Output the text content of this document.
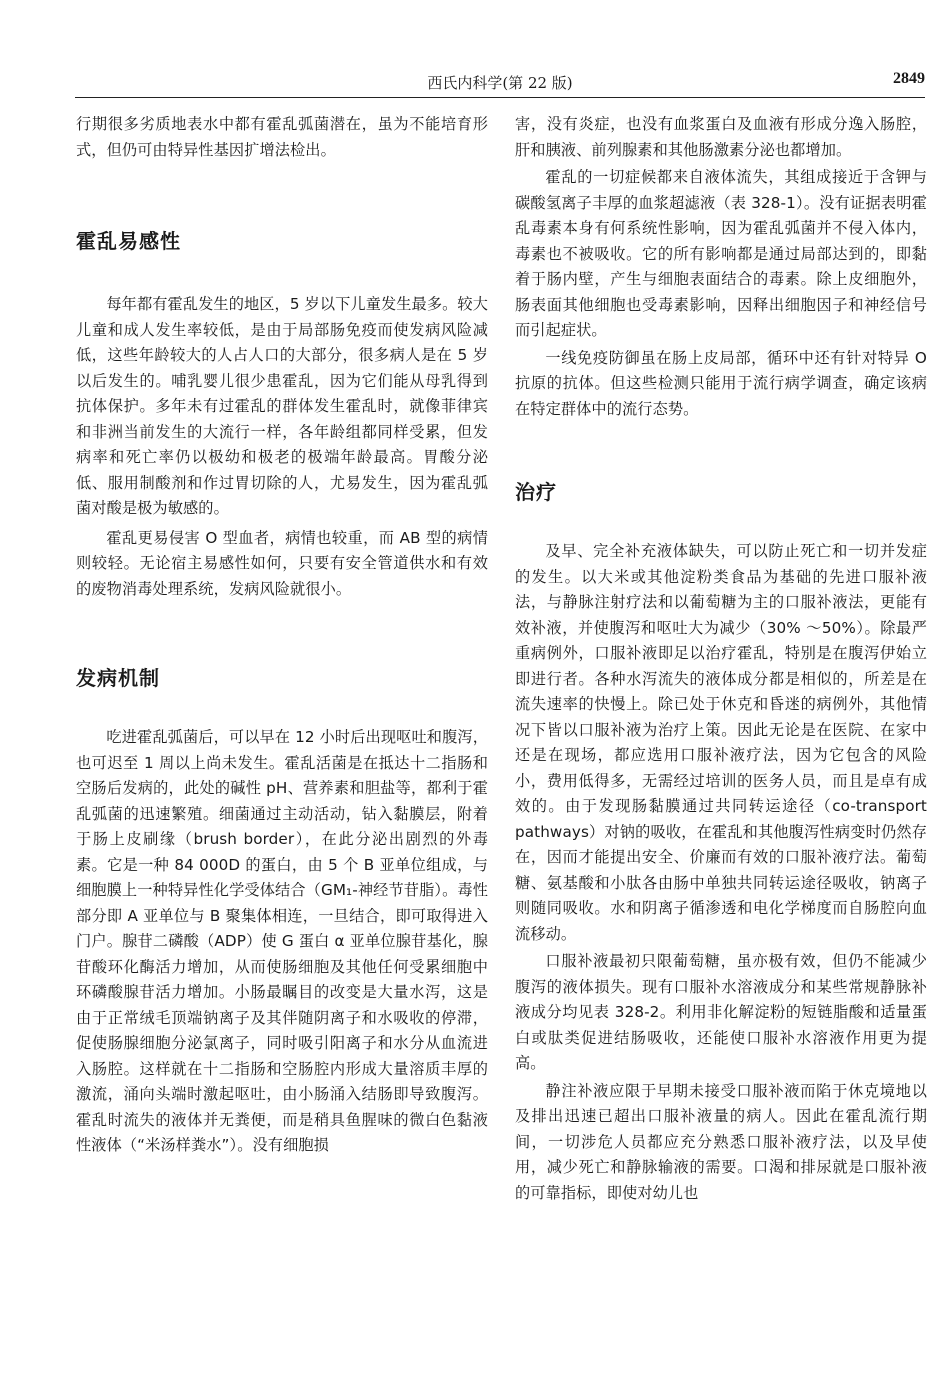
西氏内科学(第 22 版)	2849

行期很多劣质地表水中都有霍乱弧菌潜在，虽为不能培育形式，但仍可由特异性基因扩增法检出。

霍乱易感性

每年都有霍乱发生的地区，5 岁以下儿童发生最多。较大儿童和成人发生率较低，是由于局部肠免疫而使发病风险减低，这些年龄较大的人占人口的大部分，很多病人是在 5 岁以后发生的。哺乳婴儿很少患霍乱，因为它们能从母乳得到抗体保护。多年未有过霍乱的群体发生霍乱时，就像菲律宾和非洲当前发生的大流行一样，各年龄组都同样受累，但发病率和死亡率仍以极幼和极老的极端年龄最高。胃酸分泌低、服用制酸剂和作过胃切除的人，尤易发生，因为霍乱弧菌对酸是极为敏感的。

霍乱更易侵害 O 型血者，病情也较重，而 AB 型的病情则较轻。无论宿主易感性如何，只要有安全管道供水和有效的废物消毒处理系统，发病风险就很小。

发病机制

吃进霍乱弧菌后，可以早在 12 小时后出现呕吐和腹泻，也可迟至 1 周以上尚未发生。霍乱活菌是在抵达十二指肠和空肠后发病的，此处的碱性 pH、营养素和胆盐等，都利于霍乱弧菌的迅速繁殖。细菌通过主动活动，钻入黏膜层，附着于肠上皮刷缘（brush border），在此分泌出剧烈的外毒素。它是一种 84 000D 的蛋白，由 5 个 B 亚单位组成，与细胞膜上一种特异性化学受体结合（GM₁-神经节苷脂）。毒性部分即 A 亚单位与 B 聚集体相连，一旦结合，即可取得进入门户。腺苷二磷酸（ADP）使 G 蛋白 α 亚单位腺苷基化，腺苷酸环化酶活力增加，从而使肠细胞及其他任何受累细胞中环磷酸腺苷活力增加。小肠最瞩目的改变是大量水泻，这是由于正常绒毛顶端钠离子及其伴随阴离子和水吸收的停滞，促使肠腺细胞分泌氯离子，同时吸引阳离子和水分从血流进入肠腔。这样就在十二指肠和空肠腔内形成大量溶质丰厚的激流，涌向头端时激起呕吐，由小肠涌入结肠即导致腹泻。霍乱时流失的液体并无粪便，而是稍具鱼腥味的微白色黏液性液体（“米汤样粪水”）。没有细胞损

害，没有炎症，也没有血浆蛋白及血液有形成分逸入肠腔，肝和胰液、前列腺素和其他肠激素分泌也都增加。

霍乱的一切症候都来自液体流失，其组成接近于含钾与碳酸氢离子丰厚的血浆超滤液（表 328-1）。没有证据表明霍乱毒素本身有何系统性影响，因为霍乱弧菌并不侵入体内，毒素也不被吸收。它的所有影响都是通过局部达到的，即黏着于肠内壁，产生与细胞表面结合的毒素。除上皮细胞外，肠表面其他细胞也受毒素影响，因释出细胞因子和神经信号而引起症状。

一线免疫防御虽在肠上皮局部，循环中还有针对特异 O 抗原的抗体。但这些检测只能用于流行病学调查，确定该病在特定群体中的流行态势。

治疗

及早、完全补充液体缺失，可以防止死亡和一切并发症的发生。以大米或其他淀粉类食品为基础的先进口服补液法，与静脉注射疗法和以葡萄糖为主的口服补液法，更能有效补液，并使腹泻和呕吐大为减少（30% ～50%）。除最严重病例外，口服补液即足以治疗霍乱，特别是在腹泻伊始立即进行者。各种水泻流失的液体成分都是相似的，所差是在流失速率的快慢上。除已处于休克和昏迷的病例外，其他情况下皆以口服补液为治疗上策。因此无论是在医院、在家中还是在现场，都应选用口服补液疗法，因为它包含的风险小，费用低得多，无需经过培训的医务人员，而且是卓有成效的。由于发现肠黏膜通过共同转运途径（co-transport pathways）对钠的吸收，在霍乱和其他腹泻性病变时仍然存在，因而才能提出安全、价廉而有效的口服补液疗法。葡萄糖、氨基酸和小肽各由肠中单独共同转运途径吸收，钠离子则随同吸收。水和阴离子循渗透和电化学梯度而自肠腔向血流移动。

口服补液最初只限葡萄糖，虽亦极有效，但仍不能减少腹泻的液体损失。现有口服补水溶液成分和某些常规静脉补液成分均见表 328-2。利用非化解淀粉的短链脂酸和适量蛋白或肽类促进结肠吸收，还能使口服补水溶液作用更为提高。

静注补液应限于早期未接受口服补液而陷于休克境地以及排出迅速已超出口服补液量的病人。因此在霍乱流行期间，一切涉危人员都应充分熟悉口服补液疗法，以及早使用，减少死亡和静脉输液的需要。口渴和排尿就是口服补液的可靠指标，即使对幼儿也
